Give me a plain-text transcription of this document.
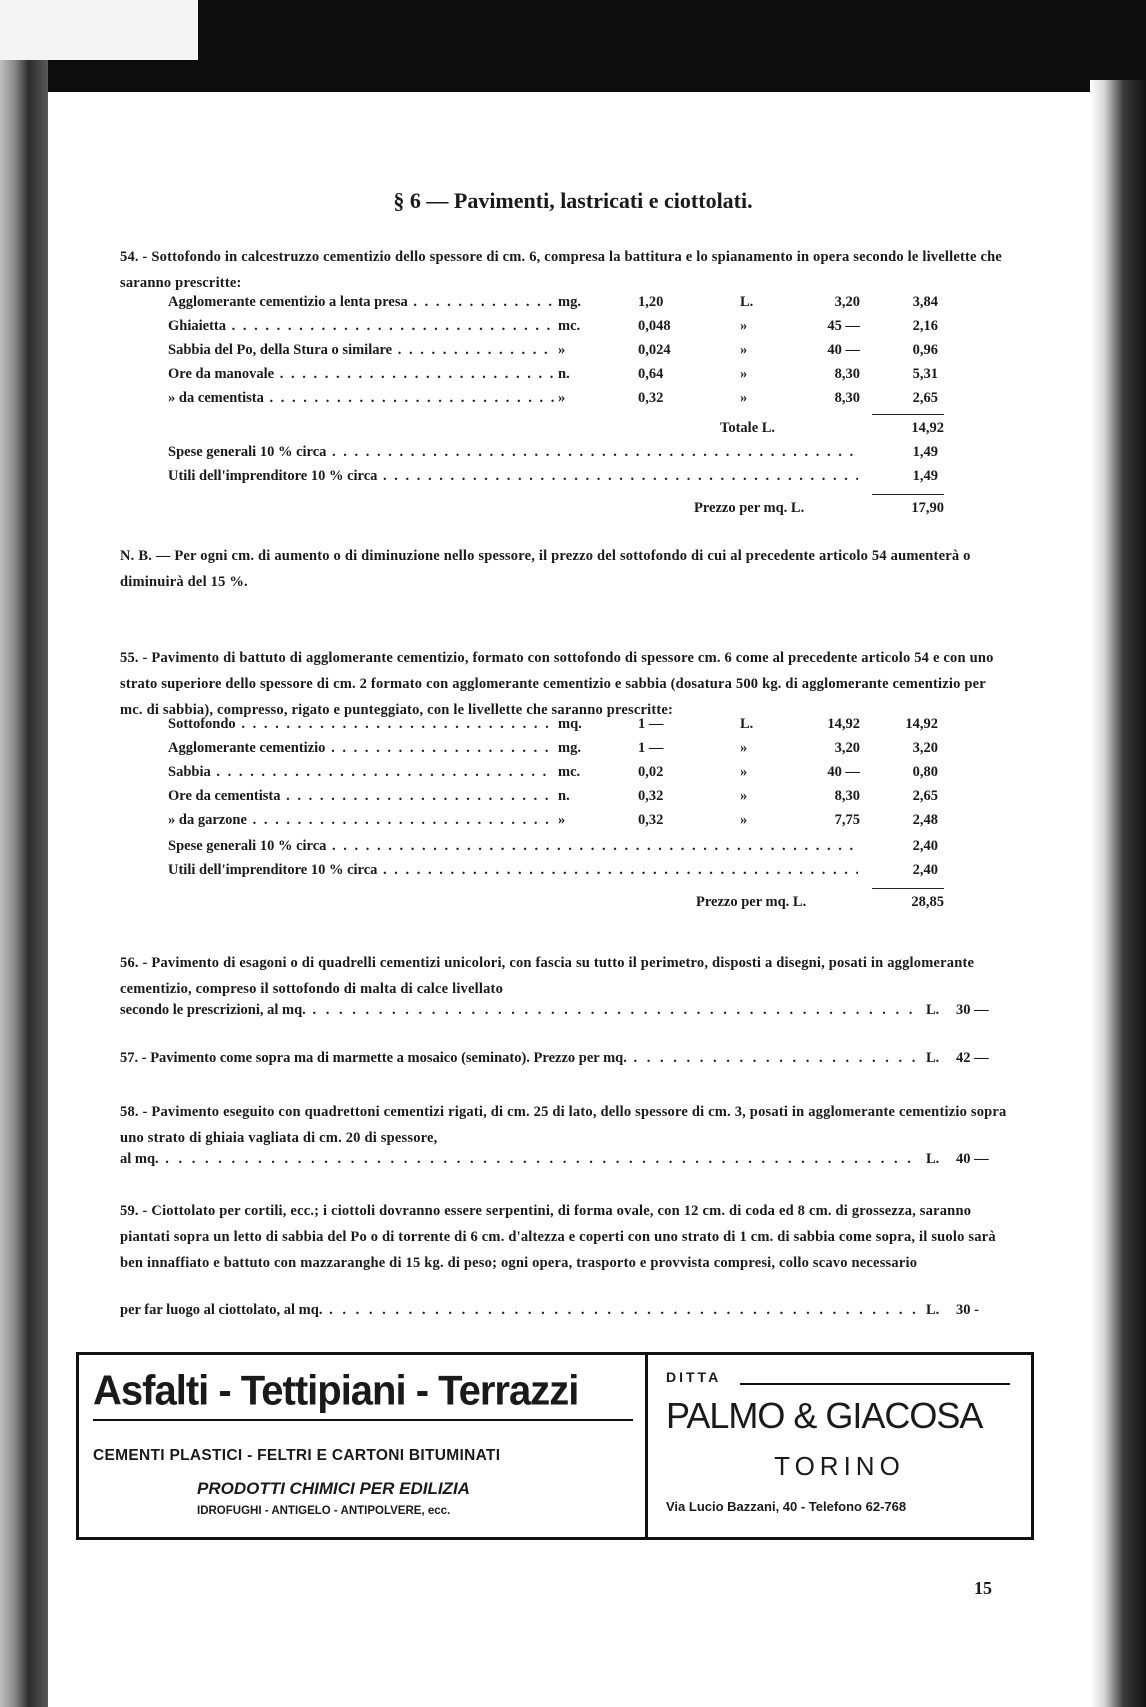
§ 6 — Pavimenti, lastricati e ciottolati.
54. - Sottofondo in calcestruzzo cementizio dello spessore di cm. 6, compresa la battitura e lo spianamento in opera secondo le livellette che saranno prescritte:
Agglomerante cementizio a lenta presa . . .	mg.	1,20	L.	3,20	3,84
Ghiaietta . . .	mc.	0,048	»	45 —	2,16
Sabbia del Po, della Stura o similare . . .	»	0,024	»	40 —	0,96
Ore da manovale . . .	n.	0,64	»	8,30	5,31
» da cementista . . .	»	0,32	»	8,30	2,65
Totale L.	14,92
Spese generali 10 % circa . . .	1,49
Utili dell'imprenditore 10 % circa . . .	1,49
Prezzo per mq. L.	17,90
N. B. — Per ogni cm. di aumento o di diminuzione nello spessore, il prezzo del sottofondo di cui al precedente articolo 54 aumenterà o diminuirà del 15 %.
55. - Pavimento di battuto di agglomerante cementizio, formato con sottofondo di spessore cm. 6 come al precedente articolo 54 e con uno strato superiore dello spessore di cm. 2 formato con agglomerante cementizio e sabbia (dosatura 500 kg. di agglomerante cementizio per mc. di sabbia), compresso, rigato e punteggiato, con le livellette che saranno prescritte:
Sottofondo . . .	mq.	1 —	L.	14,92	14,92
Agglomerante cementizio . . .	mg.	1 —	»	3,20	3,20
Sabbia . . .	mc.	0,02	»	40 —	0,80
Ore da cementista . . .	n.	0,32	»	8,30	2,65
» da garzone . . .	»	0,32	»	7,75	2,48
Spese generali 10 % circa . . .	2,40
Utili dell'imprenditore 10 % circa . . .	2,40
Prezzo per mq. L.	28,85
56. - Pavimento di esagoni o di quadrelli cementizi unicolori, con fascia su tutto il perimetro, disposti a disegni, posati in agglomerante cementizio, compreso il sottofondo di malta di calce livellato
secondo le prescrizioni, al mq. . . .	L. 30 —
57. - Pavimento come sopra ma di marmette a mosaico (seminato). Prezzo per mq. . . .	L. 42 —
58. - Pavimento eseguito con quadrettoni cementizi rigati, di cm. 25 di lato, dello spessore di cm. 3, posati in agglomerante cementizio sopra uno strato di ghiaia vagliata di cm. 20 di spessore,
al mq. . . .	L. 40 —
59. - Ciottolato per cortili, ecc.; i ciottoli dovranno essere serpentini, di forma ovale, con 12 cm. di coda ed 8 cm. di grossezza, saranno piantati sopra un letto di sabbia del Po o di torrente di 6 cm. d'altezza e coperti con uno strato di 1 cm. di sabbia come sopra, il suolo sarà ben innaffiato e battuto con mazzaranghe di 15 kg. di peso; ogni opera, trasporto e provvista compresi, collo scavo necessario
per far luogo al ciottolato, al mq. . . .	L. 30 -
Asfalti - Tettipiani - Terrazzi
CEMENTI PLASTICI - FELTRI E CARTONI BITUMINATI
PRODOTTI CHIMICI PER EDILIZIA
IDROFUGHI - ANTIGELO - ANTIPOLVERE, ecc.
DITTA
PALMO & GIACOSA
TORINO
Via Lucio Bazzani, 40 - Telefono 62-768
15
